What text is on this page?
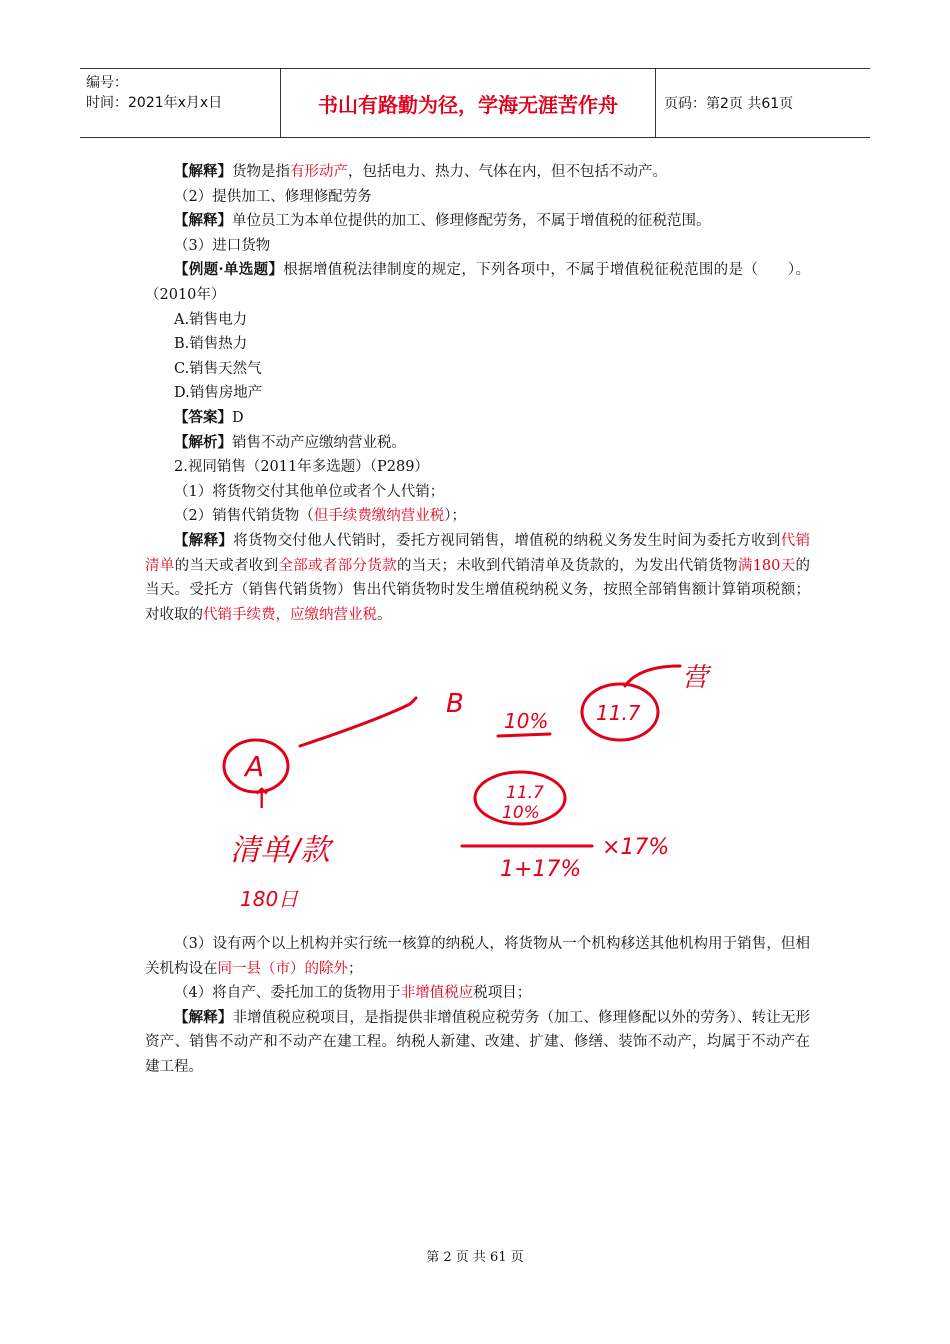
编号：
时间：2021年x月x日	书山有路勤为径，学海无涯苦作舟	页码：第2页 共61页

【解释】货物是指有形动产，包括电力、热力、气体在内，但不包括不动产。

（2）提供加工、修理修配劳务

【解释】单位员工为本单位提供的加工、修理修配劳务，不属于增值税的征税范围。

（3）进口货物

【例题·单选题】根据增值税法律制度的规定，下列各项中，不属于增值税征税范围的是（　　）。（2010年）

A.销售电力

B.销售热力

C.销售天然气

D.销售房地产

【答案】D

【解析】销售不动产应缴纳营业税。

2.视同销售（2011年多选题）（P289）

（1）将货物交付其他单位或者个人代销；

（2）销售代销货物（但手续费缴纳营业税）；

【解释】将货物交付他人代销时，委托方视同销售，增值税的纳税义务发生时间为委托方收到代销清单的当天或者收到全部或者部分货款的当天；未收到代销清单及货款的，为发出代销货物满180天的当天。受托方（销售代销货物）售出代销货物时发生增值税纳税义务，按照全部销售额计算销项税额；对收取的代销手续费，应缴纳营业税。

A
B
10% 11.7
营
↑
清单/款
180日
11.7
10%
1+17%
×17%

（3）设有两个以上机构并实行统一核算的纳税人，将货物从一个机构移送其他机构用于销售，但相关机构设在同一县（市）的除外；

（4）将自产、委托加工的货物用于非增值税应税项目；

【解释】非增值税应税项目，是指提供非增值税应税劳务（加工、修理修配以外的劳务）、转让无形资产、销售不动产和不动产在建工程。纳税人新建、改建、扩建、修缮、装饰不动产，均属于不动产在建工程。

第 2 页 共 61 页
